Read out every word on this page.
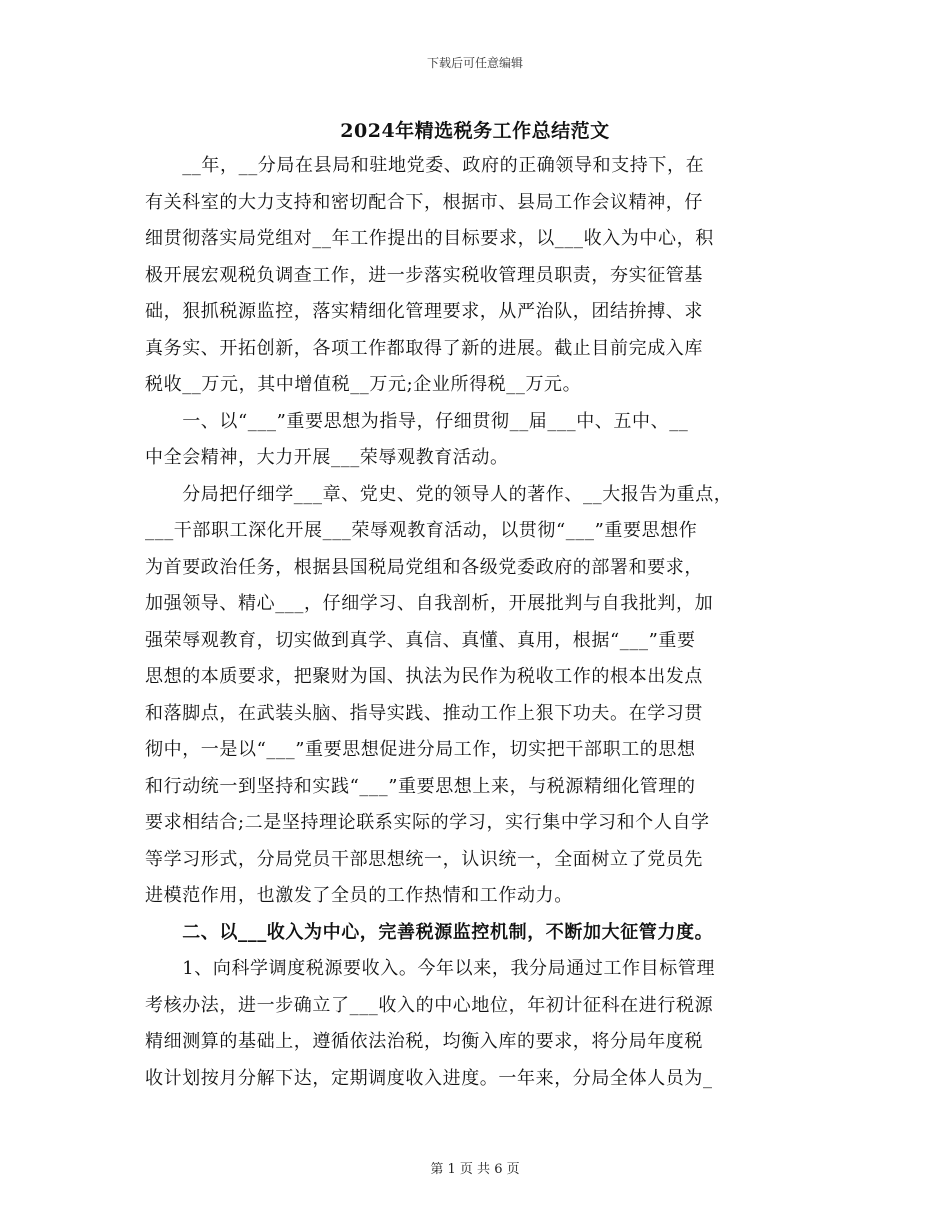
下载后可任意编辑
2024年精选税务工作总结范文
　　__年，__分局在县局和驻地党委、政府的正确领导和支持下，在
有关科室的大力支持和密切配合下，根据市、县局工作会议精神，仔
细贯彻落实局党组对__年工作提出的目标要求，以___收入为中心，积
极开展宏观税负调查工作，进一步落实税收管理员职责，夯实征管基
础，狠抓税源监控，落实精细化管理要求，从严治队，团结拚搏、求
真务实、开拓创新，各项工作都取得了新的进展。截止目前完成入库
税收__万元，其中增值税__万元;企业所得税__万元。
　　一、以“___”重要思想为指导，仔细贯彻__届___中、五中、__
中全会精神，大力开展___荣辱观教育活动。
　　分局把仔细学___章、党史、党的领导人的著作、__大报告为重点，
___干部职工深化开展___荣辱观教育活动，以贯彻“___”重要思想作
为首要政治任务，根据县国税局党组和各级党委政府的部署和要求，
加强领导、精心___，仔细学习、自我剖析，开展批判与自我批判，加
强荣辱观教育，切实做到真学、真信、真懂、真用，根据“___”重要
思想的本质要求，把聚财为国、执法为民作为税收工作的根本出发点
和落脚点，在武装头脑、指导实践、推动工作上狠下功夫。在学习贯
彻中，一是以“___”重要思想促进分局工作，切实把干部职工的思想
和行动统一到坚持和实践“___”重要思想上来，与税源精细化管理的
要求相结合;二是坚持理论联系实际的学习，实行集中学习和个人自学
等学习形式，分局党员干部思想统一，认识统一，全面树立了党员先
进模范作用，也激发了全员的工作热情和工作动力。
　　二、以___收入为中心，完善税源监控机制，不断加大征管力度。
　　1、向科学调度税源要收入。今年以来，我分局通过工作目标管理
考核办法，进一步确立了___收入的中心地位，年初计征科在进行税源
精细测算的基础上，遵循依法治税，均衡入库的要求，将分局年度税
收计划按月分解下达，定期调度收入进度。一年来，分局全体人员为_
第 1 页 共 6 页
